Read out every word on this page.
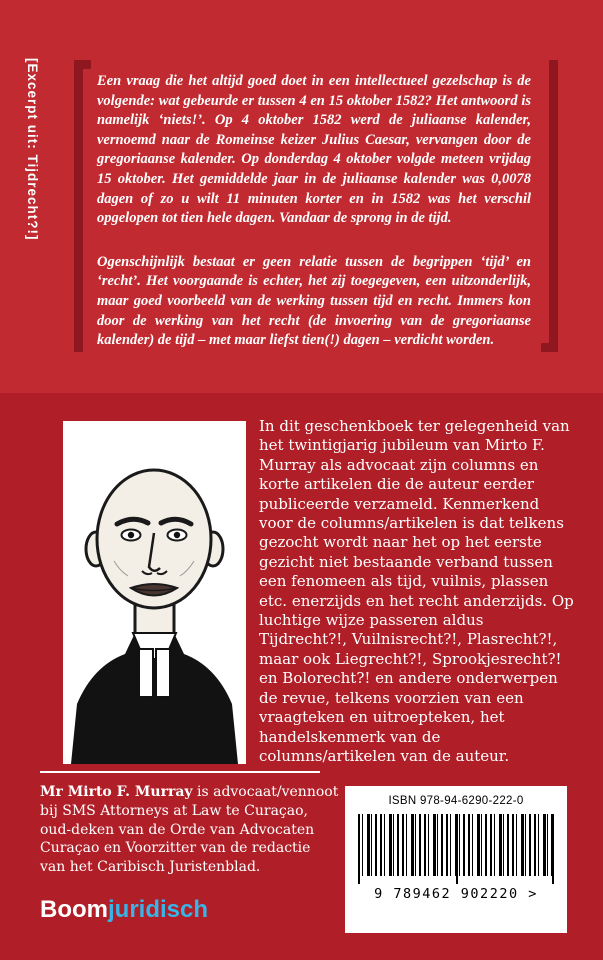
[Excerpt uit: Tijdrecht?!]	Een vraag die het altijd goed doet in een intellectueel gezelschap is de volgende: wat gebeurde er tussen 4 en 15 oktober 1582? Het antwoord is namelijk ‘niets!’. Op 4 oktober 1582 werd de juliaanse kalender, vernoemd naar de Romeinse keizer Julius Caesar, vervangen door de gregoriaanse kalender. Op donderdag 4 oktober volgde meteen vrijdag 15 oktober. Het gemiddelde jaar in de juliaanse kalender was 0,0078 dagen of zo u wilt 11 minuten korter en in 1582 was het verschil opgelopen tot tien hele dagen. Vandaar de sprong in de tijd.

Ogenschijnlijk bestaat er geen relatie tussen de begrippen ‘tijd’ en ‘recht’. Het voorgaande is echter, het zij toegegeven, een uitzonderlijk, maar goed voorbeeld van de werking tussen tijd en recht. Immers kon door de werking van het recht (de invoering van de gregoriaanse kalender) de tijd – met maar liefst tien(!) dagen – verdicht worden.

In dit geschenkboek ter gelegenheid van het twintigjarig jubileum van Mirto F. Murray als advocaat zijn columns en korte artikelen die de auteur eerder publiceerde verzameld. Kenmerkend voor de columns/artikelen is dat telkens gezocht wordt naar het op het eerste gezicht niet bestaande verband tussen een fenomeen als tijd, vuilnis, plassen etc. enerzijds en het recht anderzijds. Op luchtige wijze passeren aldus Tijdrecht?!, Vuilnisrecht?!, Plasrecht?!, maar ook Liegrecht?!, Sprookjesrecht?! en Bolorecht?! en andere onderwerpen de revue, telkens voorzien van een vraagteken en uitroepteken, het handelskenmerk van de columns/artikelen van de auteur.

Mr Mirto F. Murray is advocaat/vennoot bij SMS Attorneys at Law te Curaçao, oud-deken van de Orde van Advocaten Curaçao en Voorzitter van de redactie van het Caribisch Juristenblad.

Boomjuridisch
ISBN 978-94-6290-222-0
9 789462 902220 >
